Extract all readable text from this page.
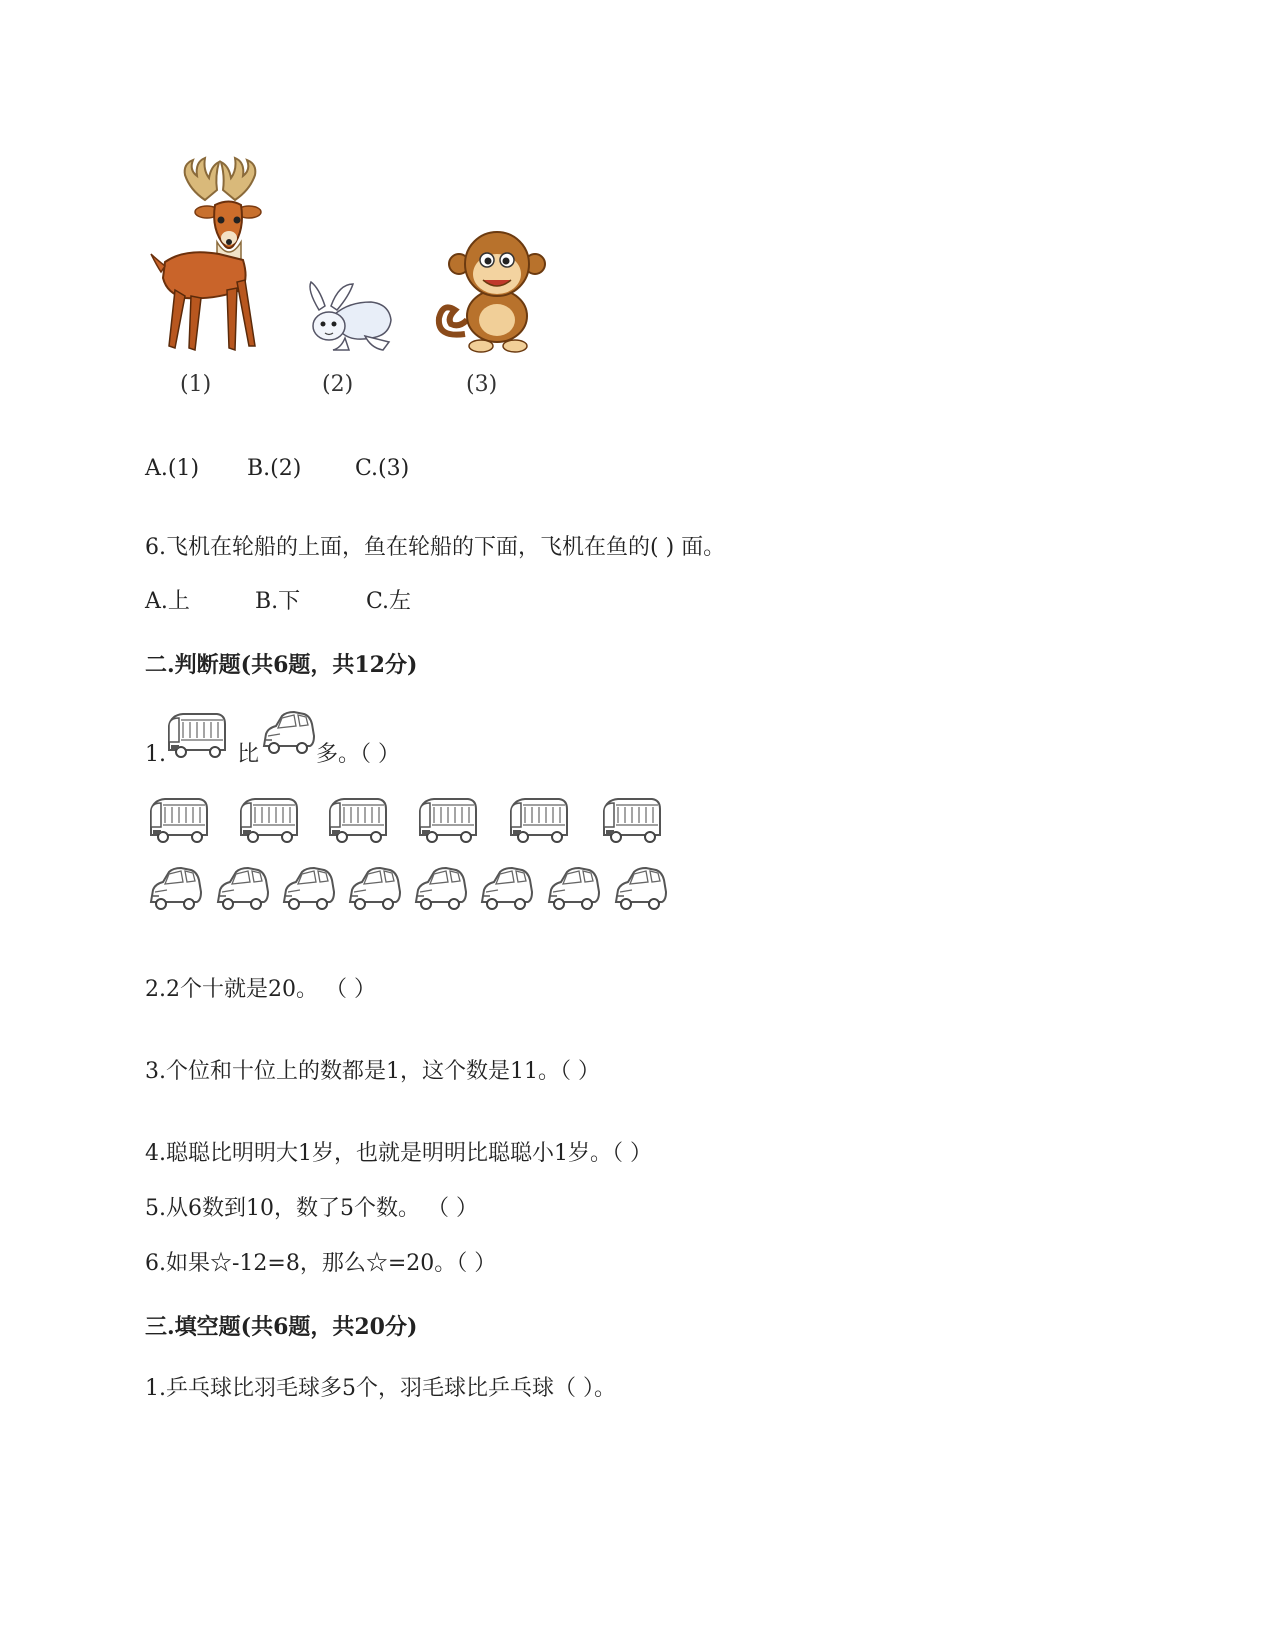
(1)	(2)	(3)
A.(1) B.(2) C.(3)
6.飞机在轮船的上面，鱼在轮船的下面，飞机在鱼的( ) 面。
A.上	B.下	C.左
二.判断题(共6题，共12分)
1.	比	多。（ ）
2.2个十就是20。 （ ）
3.个位和十位上的数都是1，这个数是11。（ ）
4.聪聪比明明大1岁，也就是明明比聪聪小1岁。（ ）
5.从6数到10，数了5个数。 （ ）
6.如果☆-12=8，那么☆=20。（ ）
三.填空题(共6题，共20分)
1.乒乓球比羽毛球多5个，羽毛球比乒乓球（ ）。
